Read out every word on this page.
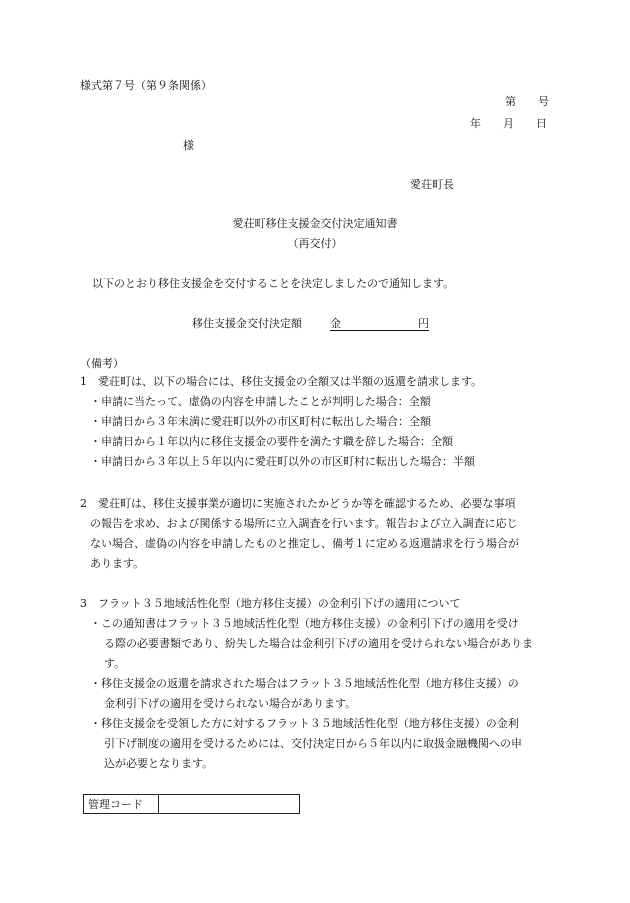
様式第７号（第９条関係）
第　　号
年　　月　　日
様
愛荘町長
愛荘町移住支援金交付決定通知書
（再交付）
以下のとおり移住支援金を交付することを決定しましたので通知します。
移住支援金交付決定額	金　　　　　　　円
（備考）
1　愛荘町は、以下の場合には、移住支援金の全額又は半額の返還を請求します。
・申請に当たって、虚偽の内容を申請したことが判明した場合：全額
・申請日から３年未満に愛荘町以外の市区町村に転出した場合：全額
・申請日から１年以内に移住支援金の要件を満たす職を辞した場合：全額
・申請日から３年以上５年以内に愛荘町以外の市区町村に転出した場合：半額
2　愛荘町は、移住支援事業が適切に実施されたかどうか等を確認するため、必要な事項
の報告を求め、および関係する場所に立入調査を行います。報告および立入調査に応じ
ない場合、虚偽の内容を申請したものと推定し、備考１に定める返還請求を行う場合が
あります。
3　フラット３５地域活性化型（地方移住支援）の金利引下げの適用について
・この通知書はフラット３５地域活性化型（地方移住支援）の金利引下げの適用を受け
る際の必要書類であり、紛失した場合は金利引下げの適用を受けられない場合がありま
す。
・移住支援金の返還を請求された場合はフラット３５地域活性化型（地方移住支援）の
金利引下げの適用を受けられない場合があります。
・移住支援金を受領した方に対するフラット３５地域活性化型（地方移住支援）の金利
引下げ制度の適用を受けるためには、交付決定日から５年以内に取扱金融機関への申
込が必要となります。
管理コード	
